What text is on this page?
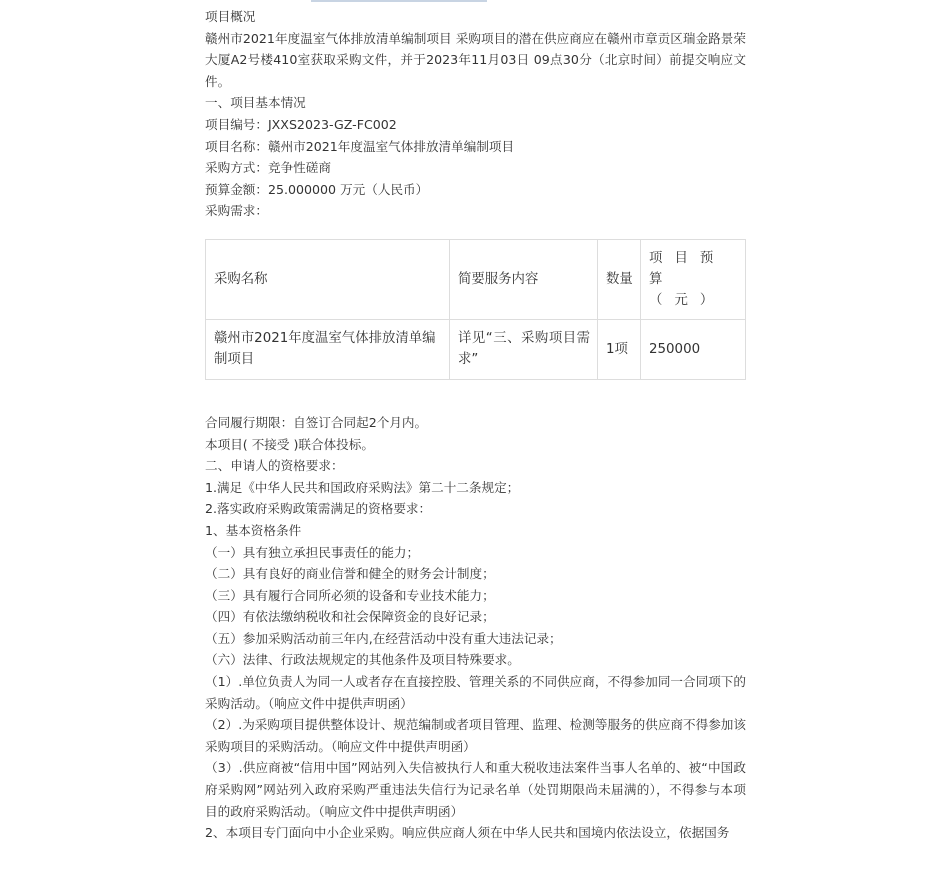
项目概况

赣州市2021年度温室气体排放清单编制项目 采购项目的潜在供应商应在赣州市章贡区瑞金路景荣大厦A2号楼410室获取采购文件，并于2023年11月03日 09点30分（北京时间）前提交响应文件。

一、项目基本情况

项目编号：JXXS2023-GZ-FC002

项目名称：赣州市2021年度温室气体排放清单编制项目

采购方式：竞争性磋商

预算金额：25.000000 万元（人民币）

采购需求：

采购名称	简要服务内容	数量	项目预算（元）
赣州市2021年度温室气体排放清单编制项目	详见“三、采购项目需求”	1项	250000

合同履行期限：自签订合同起2个月内。

本项目( 不接受 )联合体投标。

二、申请人的资格要求：

1.满足《中华人民共和国政府采购法》第二十二条规定；

2.落实政府采购政策需满足的资格要求：

1、基本资格条件

（一）具有独立承担民事责任的能力；

（二）具有良好的商业信誉和健全的财务会计制度；

（三）具有履行合同所必须的设备和专业技术能力；

（四）有依法缴纳税收和社会保障资金的良好记录；

（五）参加采购活动前三年内,在经营活动中没有重大违法记录；

（六）法律、行政法规规定的其他条件及项目特殊要求。

（1）.单位负责人为同一人或者存在直接控股、管理关系的不同供应商，不得参加同一合同项下的采购活动。（响应文件中提供声明函）

（2）.为采购项目提供整体设计、规范编制或者项目管理、监理、检测等服务的供应商不得参加该采购项目的采购活动。（响应文件中提供声明函）

（3）.供应商被“信用中国”网站列入失信被执行人和重大税收违法案件当事人名单的、被“中国政府采购网”网站列入政府采购严重违法失信行为记录名单（处罚期限尚未届满的），不得参与本项目的政府采购活动。（响应文件中提供声明函）

2、本项目专门面向中小企业采购。响应供应商人须在中华人民共和国境内依法设立，依据国务
